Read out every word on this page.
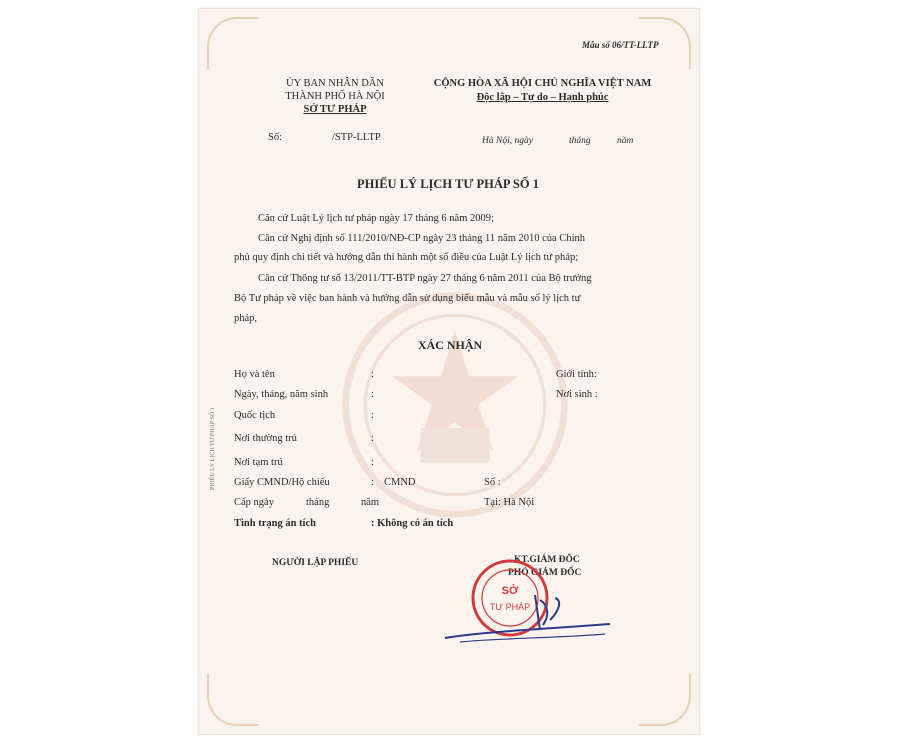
Mẫu số 06/TT-LLTP
ỦY BAN NHÂN DÂN
THÀNH PHỐ HÀ NỘI
SỞ TƯ PHÁP
Số:	/STP-LLTP
CỘNG HÒA XÃ HỘI CHỦ NGHĨA VIỆT NAM
Độc lập – Tự do – Hạnh phúc
Hà Nội, ngày	tháng	năm
PHIẾU LÝ LỊCH TƯ PHÁP SỐ 1
Căn cứ Luật Lý lịch tư pháp ngày 17 tháng 6 năm 2009;
Căn cứ Nghị định số 111/2010/NĐ-CP ngày 23 tháng 11 năm 2010 của Chính
phủ quy định chi tiết và hướng dẫn thi hành một số điều của Luật Lý lịch tư pháp;
Căn cứ Thông tư số 13/2011/TT-BTP ngày 27 tháng 6 năm 2011 của Bộ trưởng
Bộ Tư pháp về việc ban hành và hướng dẫn sử dụng biểu mẫu và mẫu sổ lý lịch tư
pháp,
XÁC NHẬN
Họ và tên	:	Giới tính:
Ngày, tháng, năm sinh	:	Nơi sinh :
Quốc tịch	:
Nơi thường trú	:
Nơi tạm trú	:
Giấy CMND/Hộ chiếu	: CMND	Số :
Cấp ngày	tháng	năm	Tại: Hà Nội
Tình trạng án tích	: Không có án tích
NGƯỜI LẬP PHIẾU	KT.GIÁM ĐỐC
PHÓ GIÁM ĐỐC
SỞ
TƯ PHÁP
PHIẾU LÝ LỊCH TƯ PHÁP SỐ 1
